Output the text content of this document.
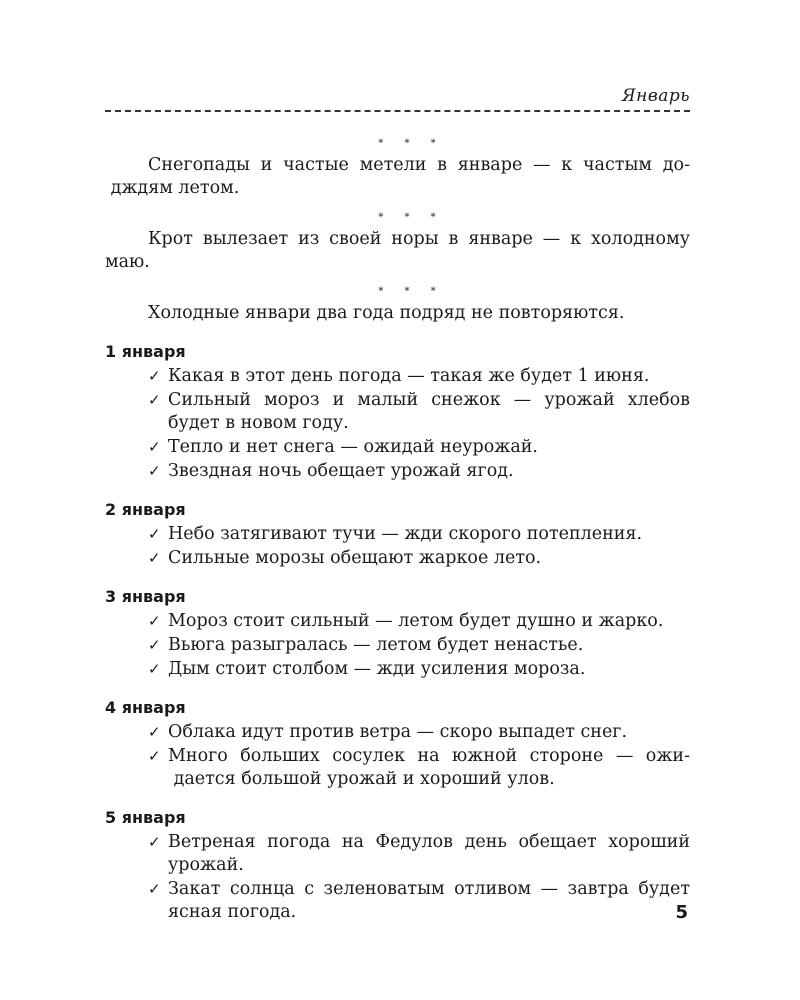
Январь
* * *

Снегопады и частые метели в январе — к частым до- дждям летом.

* * *

Крот вылезает из своей норы в январе — к холодному маю.

* * *

Холодные январи два года подряд не повторяются.

1 января
✓ Какая в этот день погода — такая же будет 1 июня.
✓ Сильный мороз и малый снежок — урожай хлебов будет в новом году.
✓ Тепло и нет снега — ожидай неурожай.
✓ Звездная ночь обещает урожай ягод.
2 января
✓ Небо затягивают тучи — жди скорого потепления.
✓ Сильные морозы обещают жаркое лето.
3 января
✓ Мороз стоит сильный — летом будет душно и жарко.
✓ Вьюга разыгралась — летом будет ненастье.
✓ Дым стоит столбом — жди усиления мороза.
4 января
✓ Облака идут против ветра — скоро выпадет снег.
✓ Много больших сосулек на южной стороне — ожи- дается большой урожай и хороший улов.
5 января
✓ Ветреная погода на Федулов день обещает хороший урожай.
✓ Закат солнца с зеленоватым отливом — завтра будет ясная погода.	5
